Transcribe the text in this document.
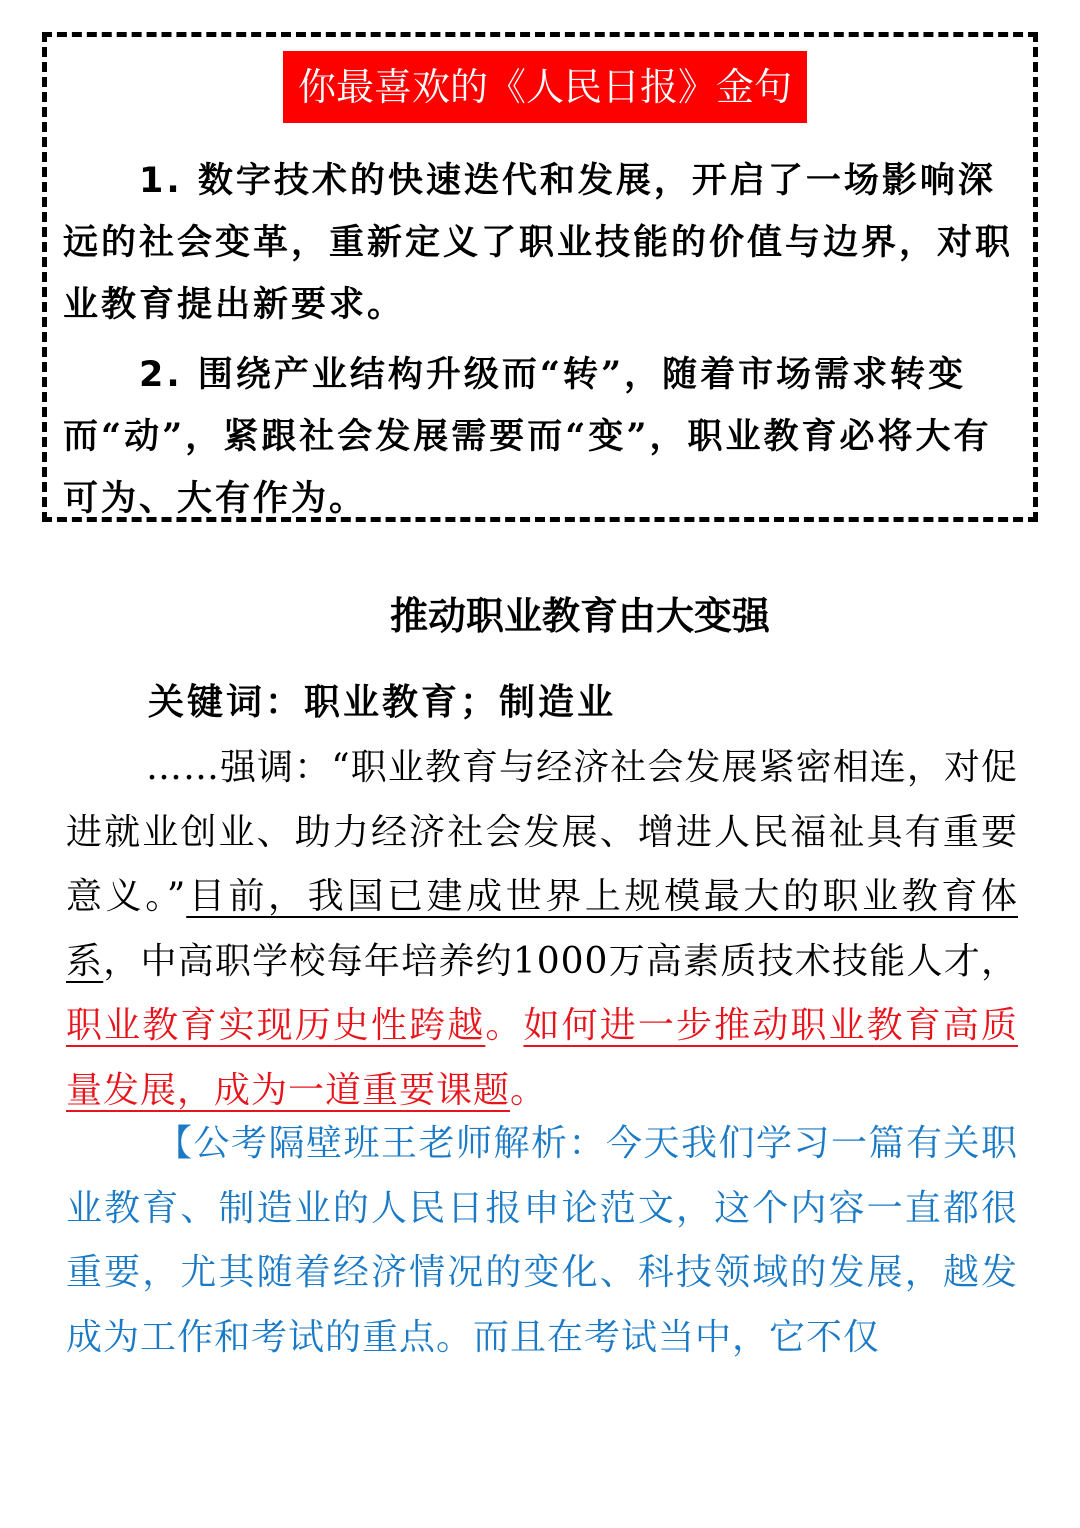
你最喜欢的《人民日报》金句
1. 数字技术的快速迭代和发展，开启了一场影响深远的社会变革，重新定义了职业技能的价值与边界，对职业教育提出新要求。
2. 围绕产业结构升级而“转”，随着市场需求转变而“动”，紧跟社会发展需要而“变”，职业教育必将大有可为、大有作为。
推动职业教育由大变强
关键词：职业教育；制造业
……强调：“职业教育与经济社会发展紧密相连，对促进就业创业、助力经济社会发展、增进人民福祉具有重要意义。”目前，我国已建成世界上规模最大的职业教育体系，中高职学校每年培养约1000万高素质技术技能人才，职业教育实现历史性跨越。如何进一步推动职业教育高质量发展，成为一道重要课题。
【公考隔壁班王老师解析：今天我们学习一篇有关职业教育、制造业的人民日报申论范文，这个内容一直都很重要，尤其随着经济情况的变化、科技领域的发展，越发成为工作和考试的重点。而且在考试当中，它不仅
